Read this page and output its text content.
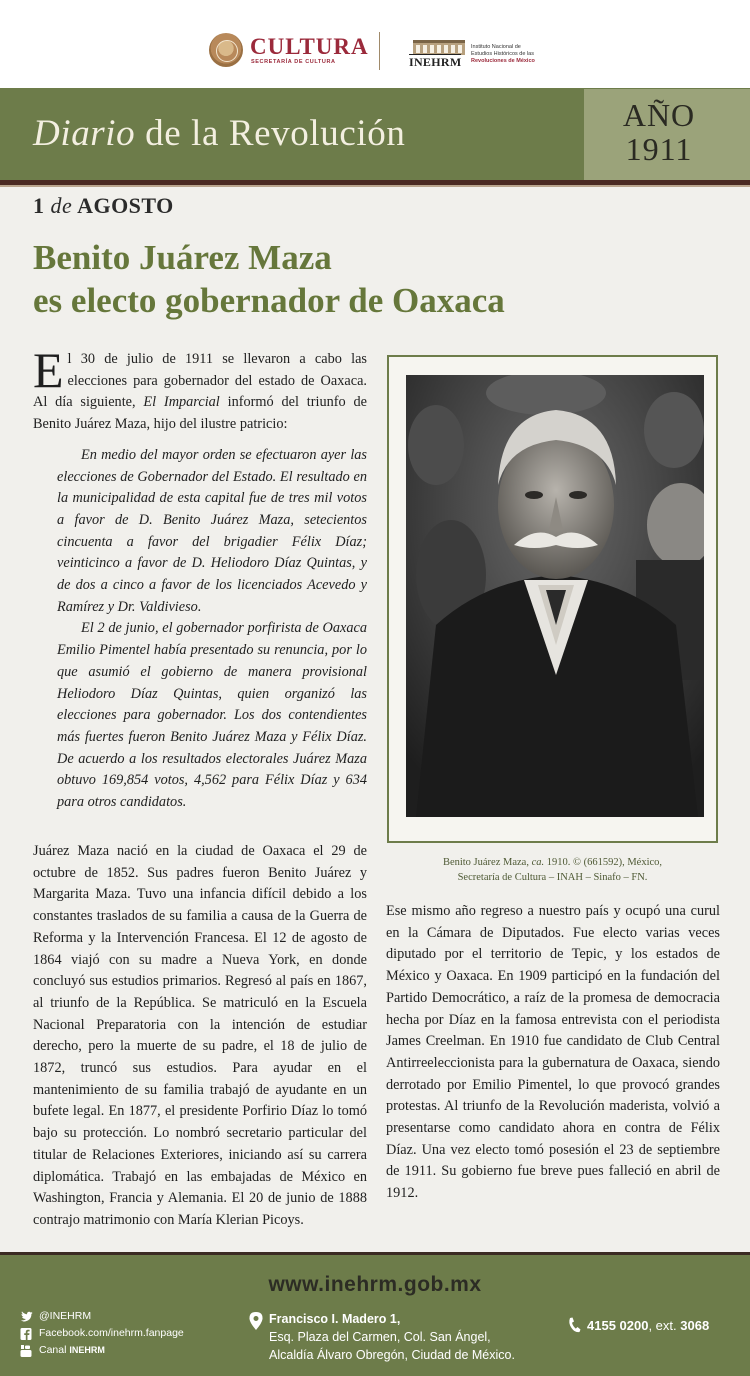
CULTURA
SECRETARÍA DE CULTURA	INEHRM
Instituto Nacional de
Estudios Históricos de las
Revoluciones de México
Diario de la Revolución	AÑO
1911
1 de AGOSTO
Benito Juárez Maza
es electo gobernador de Oaxaca

El 30 de julio de 1911 se llevaron a cabo las elecciones para gobernador del estado de Oaxaca. Al día siguiente, El Imparcial informó del triunfo de Benito Juárez Maza, hijo del ilustre patricio:

En medio del mayor orden se efectuaron ayer las elecciones de Gobernador del Estado. El resultado en la municipalidad de esta capital fue de tres mil votos a favor de D. Benito Juárez Maza, setecientos cincuenta a favor del brigadier Félix Díaz; veinticinco a favor de D. Heliodoro Díaz Quintas, y de dos a cinco a favor de los licenciados Acevedo y Ramírez y Dr. Valdivieso.

El 2 de junio, el gobernador porfirista de Oaxaca Emilio Pimentel había presentado su renuncia, por lo que asumió el gobierno de manera provisional Heliodoro Díaz Quintas, quien organizó las elecciones para gobernador. Los dos contendientes más fuertes fueron Benito Juárez Maza y Félix Díaz. De acuerdo a los resultados electorales Juárez Maza obtuvo 169,854 votos, 4,562 para Félix Díaz y 634 para otros candidatos.

Juárez Maza nació en la ciudad de Oaxaca el 29 de octubre de 1852. Sus padres fueron Benito Juárez y Margarita Maza. Tuvo una infancia difícil debido a los constantes traslados de su familia a causa de la Guerra de Reforma y la Intervención Francesa. El 12 de agosto de 1864 viajó con su madre a Nueva York, en donde concluyó sus estudios primarios. Regresó al país en 1867, al triunfo de la República. Se matriculó en la Escuela Nacional Preparatoria con la intención de estudiar derecho, pero la muerte de su padre, el 18 de julio de 1872, truncó sus estudios. Para ayudar en el mantenimiento de su familia trabajó de ayudante en un bufete legal. En 1877, el presidente Porfirio Díaz lo tomó bajo su protección. Lo nombró secretario particular del titular de Relaciones Exteriores, iniciando así su carrera diplomática. Trabajó en las embajadas de México en Washington, Francia y Alemania. El 20 de junio de 1888 contrajo matrimonio con María Klerian Picoys.
Ese mismo año regreso a nuestro país y ocupó una curul en la Cámara de Diputados. Fue electo varias veces diputado por el territorio de Tepic, y los estados de México y Oaxaca. En 1909 participó en la fundación del Partido Democrático, a raíz de la promesa de democracia hecha por Díaz en la famosa entrevista con el periodista James Creelman. En 1910 fue candidato de Club Central Antirreeleccionista para la gubernatura de Oaxaca, siendo derrotado por Emilio Pimentel, lo que provocó grandes protestas. Al triunfo de la Revolución maderista, volvió a presentarse como candidato ahora en contra de Félix Díaz. Una vez electo tomó posesión el 23 de septiembre de 1911. Su gobierno fue breve pues falleció en abril de 1912.
Benito Juárez Maza, ca. 1910. © (661592), México,
Secretaría de Cultura – INAH – Sinafo – FN.
www.inehrm.gob.mx
@INEHRM
Facebook.com/inehrm.fanpage
Canal INEHRM
Francisco I. Madero 1,
Esq. Plaza del Carmen, Col. San Ángel,
Alcaldía Álvaro Obregón, Ciudad de México.
4155 0200, ext. 3068
